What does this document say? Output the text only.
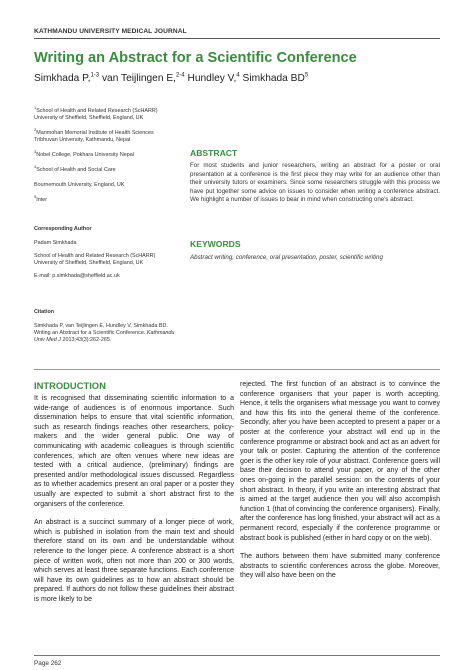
KATHMANDU UNIVERSITY MEDICAL JOURNAL
Writing an Abstract for a Scientific Conference
Simkhada P,$^{1-3}$ van Teijlingen E,$^{2-4}$ Hundley V,$^4$ Simkhada $BD^5$
$^1$School of Health and Related Research (ScHARR)
University of Sheffield, Sheffield, England, UK
$^2$Manmohan Memorial Institute of Health Sciences
Tribhuvan University, Kathmandu, Nepal
$^3$Nobel College, Pokhara University Nepal
$^4$School of Health and Social Care
Bournemouth University, England, UK
$^5$Inter
Corresponding Author

Padam Simkhada

School of Health and Related Research (ScHARR)
University of Sheffield, Sheffield, England, UK

E-mail: p.simkhada@sheffield.ac.uk

Citation
Simkhada P, van Teijlingen E, Hundley V, Simkhada BD. Writing an Abstract for a Scientific Conference. Kathmandu Univ Med J 2013;43(3):262-265.
ABSTRACT
For most students and junior researchers, writing an abstract for a poster or oral presentation at a conference is the first piece they may write for an audience other than their university tutors or examiners. Since some researchers struggle with this process we have put together some advice on issues to consider when writing a conference abstract. We highlight a number of issues to bear in mind when constructing one's abstract.
KEYWORDS
Abstract writing, conference, oral presentation, poster, scientific writing
INTRODUCTION

It is recognised that disseminating scientific information to a wide-range of audiences is of enormous importance. Such dissemination helps to ensure that vital scientific information, such as research findings reaches other researchers, policy-makers and the wider general public. One way of communicating with academic colleagues is through scientific conferences, which are often venues where new ideas are tested with a critical audience, (preliminary) findings are presented and/or methodological issues discussed. Regardless as to whether academics present an oral paper or a poster they usually are expected to submit a short abstract first to the organisers of the conference.

An abstract is a succinct summary of a longer piece of work, which is published in isolation from the main text and should therefore stand on its own and be understandable without reference to the longer piece. A conference abstract is a short piece of written work, often not more than 200 or 300 words, which serves at least three separate functions. Each conference will have its own guidelines as to how an abstract should be prepared. If authors do not follow these guidelines their abstract is more likely to be

rejected. The first function of an abstract is to convince the conference organisers that your paper is worth accepting. Hence, it tells the organisers what message you want to convey and how this fits into the general theme of the conference. Secondly, after you have been accepted to present a paper or a poster at the conference your abstract will end up in the conference programme or abstract book and act as an advert for your talk or poster. Capturing the attention of the conference goer is the other key role of your abstract. Conference goers will base their decision to attend your paper, or any of the other ones on-going in the parallel session: on the contents of your short abstract. In theory, if you write an interesting abstract that is aimed at the target audience then you will also accomplish function 1 (that of convincing the conference organisers). Finally, after the conference has long finished, your abstract will act as a permanent record, especially if the conference programme or abstract book is published (either in hard copy or on the web).

The authors between them have submitted many conference abstracts to scientific conferences across the globe. Moreover, they will also have been on the

Page 262
